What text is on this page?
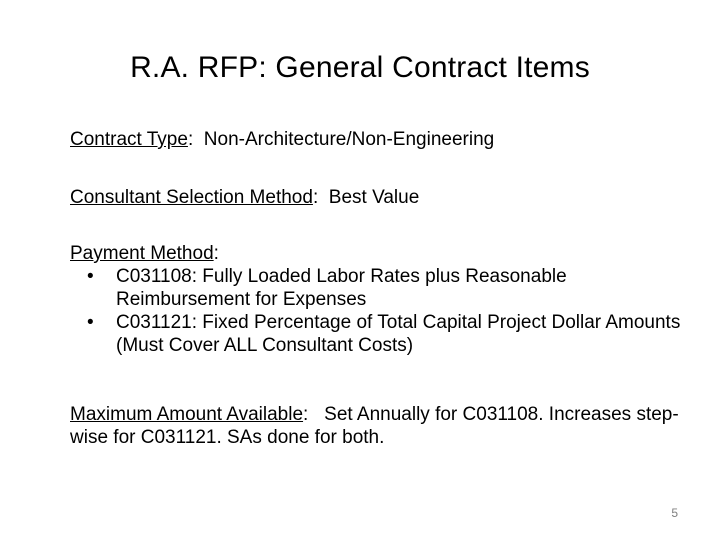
R.A. RFP: General Contract Items

Contract Type:  Non-Architecture/Non-Engineering

Consultant Selection Method:  Best Value

Payment Method:
• C031108: Fully Loaded Labor Rates plus Reasonable Reimbursement for Expenses
• C031121: Fixed Percentage of Total Capital Project Dollar Amounts (Must Cover ALL Consultant Costs)

Maximum Amount Available:   Set Annually for C031108. Increases step-wise for C031121. SAs done for both.

5
